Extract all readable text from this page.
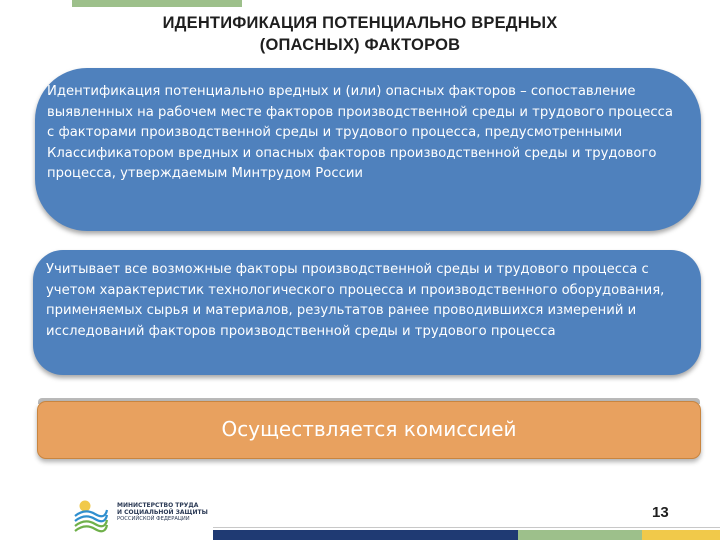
ИДЕНТИФИКАЦИЯ ПОТЕНЦИАЛЬНО ВРЕДНЫХ
(ОПАСНЫХ) ФАКТОРОВ
Идентификация потенциально вредных и (или) опасных факторов – сопоставление выявленных на рабочем месте факторов производственной среды и трудового процесса с факторами производственной среды и трудового процесса, предусмотренными Классификатором вредных и опасных факторов производственной среды и трудового процесса, утверждаемым Минтрудом России
Учитывает все возможные факторы производственной среды и трудового процесса с учетом характеристик технологического процесса и производственного оборудования, применяемых сырья и материалов, результатов ранее проводившихся измерений и исследований факторов производственной среды и трудового процесса
Осуществляется комиссией
МИНИСТЕРСТВО ТРУДА
И СОЦИАЛЬНОЙ ЗАЩИТЫ
РОССИЙСКОЙ ФЕДЕРАЦИИ	13
